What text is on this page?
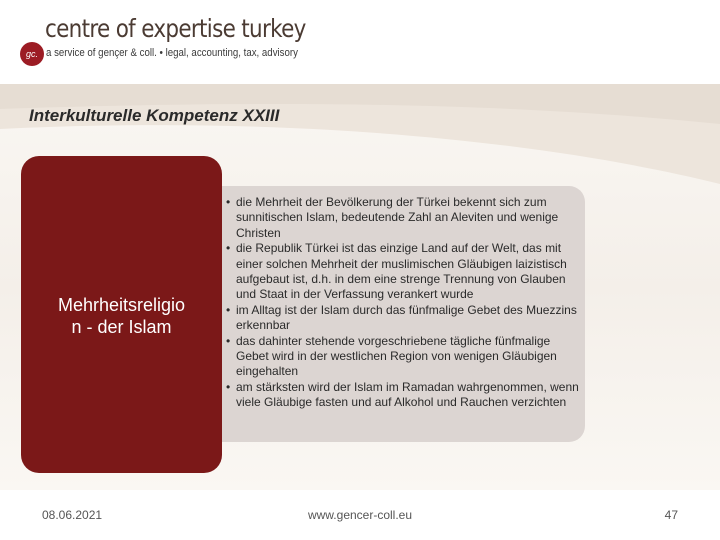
centre of expertise turkey
gc. a service of gençer & coll. • legal, accounting, tax, advisory
Interkulturelle Kompetenz XXIII
• die Mehrheit der Bevölkerung der Türkei bekennt sich zum sunnitischen Islam, bedeutende Zahl an Aleviten und wenige Christen
• die Republik Türkei ist das einzige Land auf der Welt, das mit einer solchen Mehrheit der muslimischen Gläubigen laizistisch aufgebaut ist, d.h. in dem eine strenge Trennung von Glauben und Staat in der Verfassung verankert wurde
• im Alltag ist der Islam durch das fünfmalige Gebet des Muezzins erkennbar
• das dahinter stehende vorgeschriebene tägliche fünfmalige Gebet wird in der westlichen Region von wenigen Gläubigen eingehalten
• am stärksten wird der Islam im Ramadan wahrgenommen, wenn viele Gläubige fasten und auf Alkohol und Rauchen verzichten
Mehrheitsreligio
n - der Islam
08.06.2021	www.gencer-coll.eu	47
